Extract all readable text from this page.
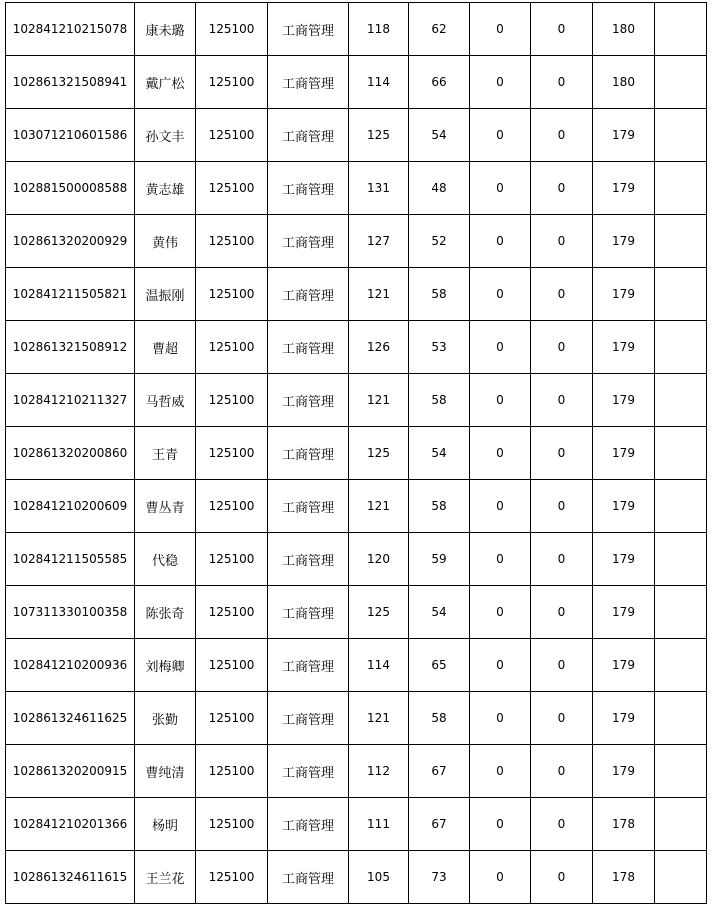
102841210215078	康未璐	125100	工商管理	118	62	0	0	180	
102861321508941	戴广松	125100	工商管理	114	66	0	0	180	
103071210601586	孙文丰	125100	工商管理	125	54	0	0	179	
102881500008588	黄志雄	125100	工商管理	131	48	0	0	179	
102861320200929	黄伟	125100	工商管理	127	52	0	0	179	
102841211505821	温振刚	125100	工商管理	121	58	0	0	179	
102861321508912	曹超	125100	工商管理	126	53	0	0	179	
102841210211327	马哲威	125100	工商管理	121	58	0	0	179	
102861320200860	王青	125100	工商管理	125	54	0	0	179	
102841210200609	曹丛青	125100	工商管理	121	58	0	0	179	
102841211505585	代稳	125100	工商管理	120	59	0	0	179	
107311330100358	陈张奇	125100	工商管理	125	54	0	0	179	
102841210200936	刘梅卿	125100	工商管理	114	65	0	0	179	
102861324611625	张勤	125100	工商管理	121	58	0	0	179	
102861320200915	曹纯清	125100	工商管理	112	67	0	0	179	
102841210201366	杨明	125100	工商管理	111	67	0	0	178	
102861324611615	王兰花	125100	工商管理	105	73	0	0	178	
